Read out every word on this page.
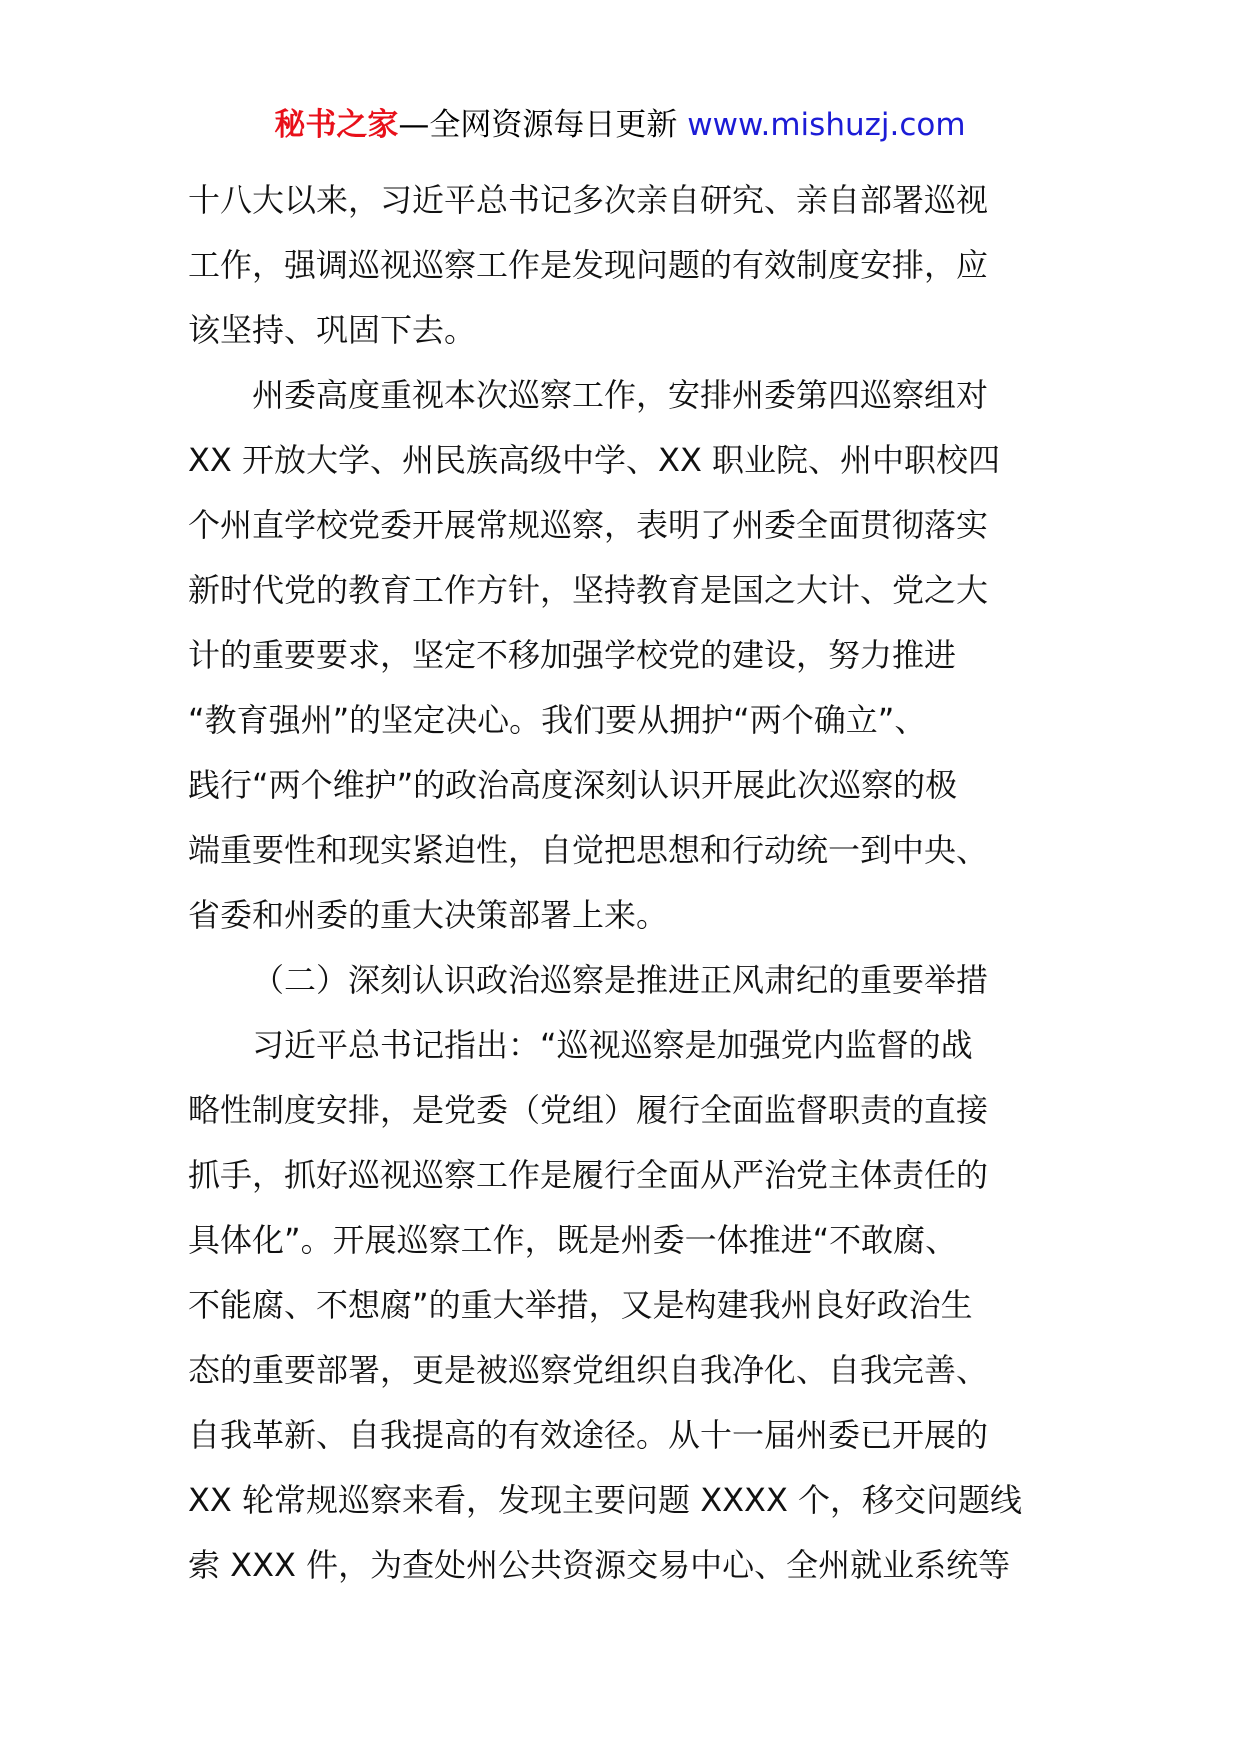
秘书之家—全网资源每日更新 www.mishuzj.com
十八大以来，习近平总书记多次亲自研究、亲自部署巡视
工作，强调巡视巡察工作是发现问题的有效制度安排，应
该坚持、巩固下去。
州委高度重视本次巡察工作，安排州委第四巡察组对
XX 开放大学、州民族高级中学、XX 职业院、州中职校四
个州直学校党委开展常规巡察，表明了州委全面贯彻落实
新时代党的教育工作方针，坚持教育是国之大计、党之大
计的重要要求，坚定不移加强学校党的建设，努力推进
“教育强州”的坚定决心。我们要从拥护“两个确立”、
践行“两个维护”的政治高度深刻认识开展此次巡察的极
端重要性和现实紧迫性，自觉把思想和行动统一到中央、
省委和州委的重大决策部署上来。
（二）深刻认识政治巡察是推进正风肃纪的重要举措
习近平总书记指出：“巡视巡察是加强党内监督的战
略性制度安排，是党委（党组）履行全面监督职责的直接
抓手，抓好巡视巡察工作是履行全面从严治党主体责任的
具体化”。开展巡察工作，既是州委一体推进“不敢腐、
不能腐、不想腐”的重大举措，又是构建我州良好政治生
态的重要部署，更是被巡察党组织自我净化、自我完善、
自我革新、自我提高的有效途径。从十一届州委已开展的
XX 轮常规巡察来看，发现主要问题 XXXX 个，移交问题线
索 XXX 件，为查处州公共资源交易中心、全州就业系统等
